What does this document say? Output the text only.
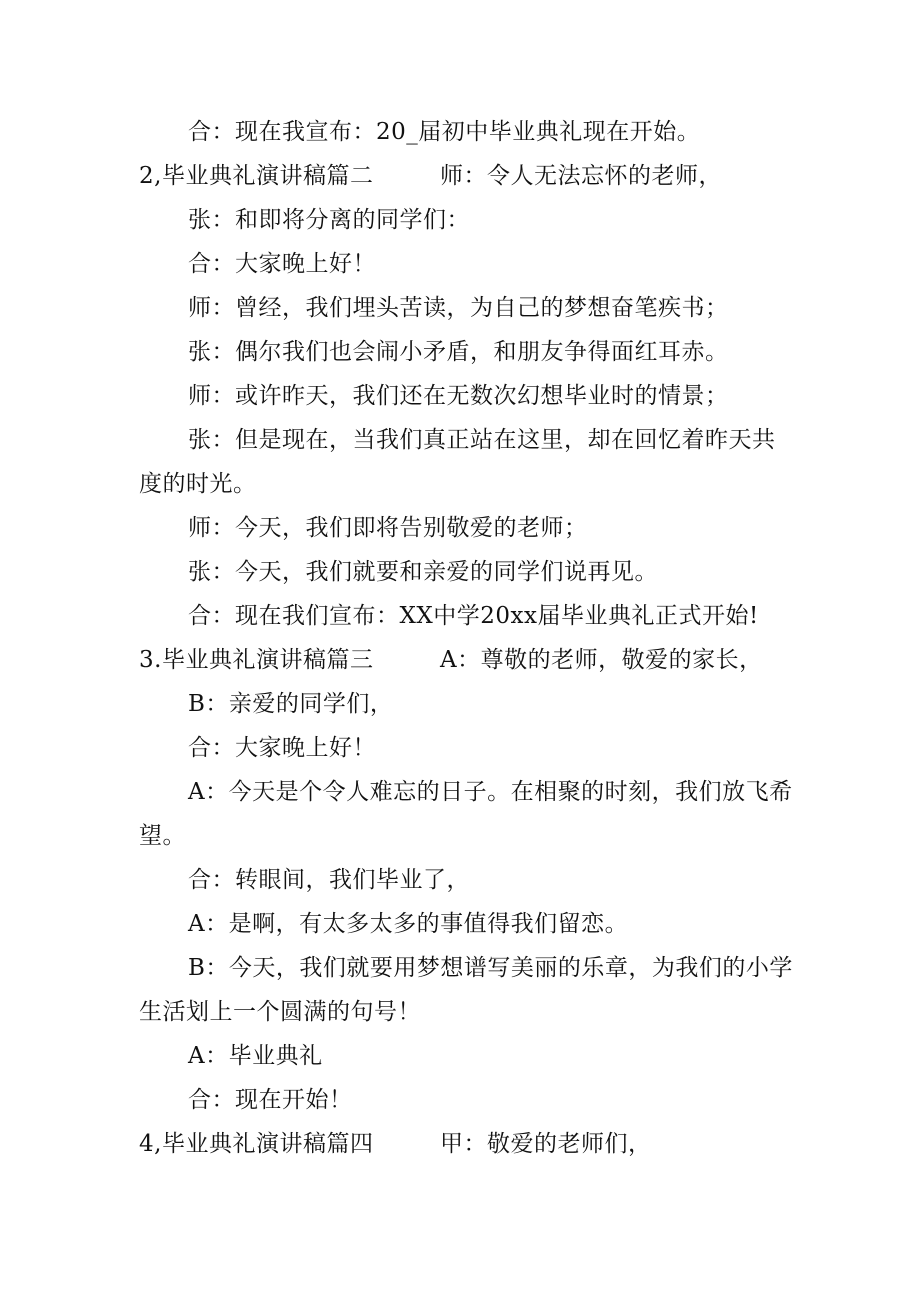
合：现在我宣布：20_届初中毕业典礼现在开始。
2,毕业典礼演讲稿篇二	师：令人无法忘怀的老师，
张：和即将分离的同学们：
合：大家晚上好！
师：曾经，我们埋头苦读，为自己的梦想奋笔疾书；
张：偶尔我们也会闹小矛盾，和朋友争得面红耳赤。
师：或许昨天，我们还在无数次幻想毕业时的情景；
张：但是现在，当我们真正站在这里，却在回忆着昨天共
度的时光。
师：今天，我们即将告别敬爱的老师；
张：今天，我们就要和亲爱的同学们说再见。
合：现在我们宣布：XX中学20xx届毕业典礼正式开始!
3.毕业典礼演讲稿篇三	A：尊敬的老师，敬爱的家长，
B：亲爱的同学们，
合：大家晚上好！
A：今天是个令人难忘的日子。在相聚的时刻，我们放飞希
望。
合：转眼间，我们毕业了，
A：是啊，有太多太多的事值得我们留恋。
B：今天，我们就要用梦想谱写美丽的乐章，为我们的小学
生活划上一个圆满的句号！
A：毕业典礼
合：现在开始！
4,毕业典礼演讲稿篇四	甲：敬爱的老师们，
